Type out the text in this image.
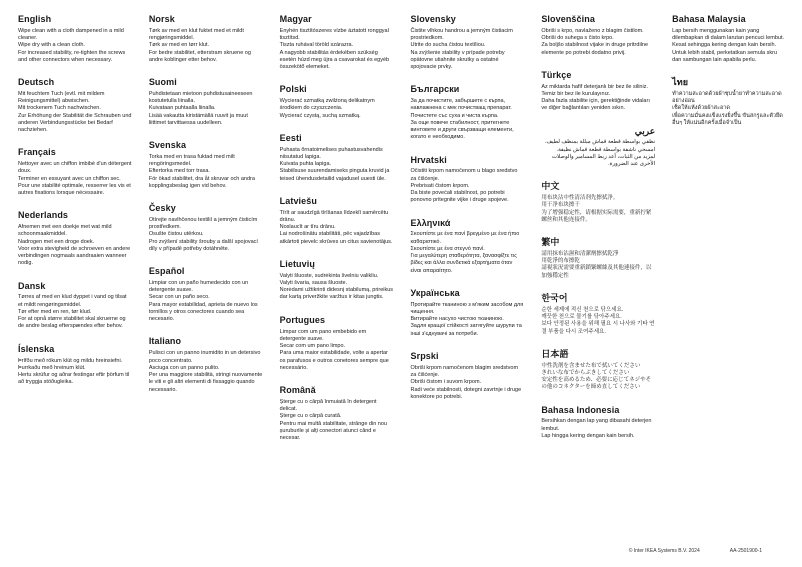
English

Wipe clean with a cloth dampened in a mild cleaner.

Wipe dry with a clean cloth.

For increased stability, re-tighten the screws and other connectors when necessary.

Deutsch

Mit feuchtem Tuch (evtl. mit mildem Reinigungsmittel) abwischen.

Mit trockenem Tuch nachwischen.

Zur Erhöhung der Stabilität die Schrauben und anderen Verbindungsstücke bei Bedarf nachziehen.

Français

Nettoyer avec un chiffon imbibé d'un détergent doux.

Terminer en essuyant avec un chiffon sec.

Pour une stabilité optimale, resserrer les vis et autres fixations lorsque nécessaire.

Nederlands

Afnemen met een doekje met wat mild schoonmaakmiddel.

Nadrogen met een droge doek.

Voor extra stevigheid de schroeven en andere verbindingen nogmaals aandraaien wanneer nodig.

Dansk

Tørres af med en klud dyppet i vand og tilsat et mildt rengøringsmiddel.

Tør efter med en ren, tør klud.

For at opnå større stabilitet skal skruerne og de andre beslag efterspændes efter behov.

Íslenska

Þrífðu með rökum klút og mildu hreinsiefni.

Þurrkaðu með hreinum klút.

Hertu skrúfur og aðrar festingar eftir þörfum til að tryggja stöðugleika.

Norsk

Tørk av med en klut fuktet med et mildt rengjøringsmiddel.

Tørk av med en tørr klut.

For bedre stabilitet, etterstram skruene og andre koblinger etter behov.

Suomi

Puhdistetaan mietoon puhdistusaineeseen kostutetulla liinalla.

Kuivataan puhtaalla liinalla.

Lisää vakautta kiristämällä ruuvit ja muut liittimet tarvittaessa uudelleen.

Svenska

Torka med en trasa fuktad med milt rengöringsmedel.

Eftertorka med torr trasa.

För ökad stabilitet, dra åt skruvar och andra kopplingsbeslag igen vid behov.

Česky

Otírejte navlhčenou textilií a jemným čisticím prostředkem.

Osušte čistou utěrkou.

Pro zvýšení stability šrouby a další spojovací díly v případě potřeby dotáhněte.

Español

Limpiar con un paño humedecido con un detergente suave.

Secar con un paño seco.

Para mayor estabilidad, aprieta de nuevo los tornillos y otros conectores cuando sea necesario.

Italiano

Pulisci con un panno inumidito in un detersivo poco concentrato.

Asciuga con un panno pulito.

Per una maggiore stabilità, stringi nuovamente le viti e gli altri elementi di fissaggio quando necessario.

Magyar

Enyhén tisztítószeres vízbe áztatott ronggyal tisztítsd.

Tiszta ruhával töröld szárazra.

A nagyobb stabilitás érdekében szükség esetén húzd meg újra a csavarokat és egyéb összekötő elemeket.

Polski

Wycierać szmatką zwilżoną delikatnym środkiem do czyszczenia.

Wycierać czystą, suchą szmatką.

Eesti

Puhasta õrnatoimelises puhastusvahendis niisutatud lapiga.

Kuivata puhta lapiga.

Stabiilsuse suurendamiseks pinguta kruvid ja teised ühendusdetailid vajadusel uuesti üle.

Latviešu

Tīrīt ar saudzīgā tīrīšanas līdzeklī samērcētu drānu.

Noslaucīt ar tīru drānu.

Lai nodrošinātu stabilitāti, pēc vajadzības atkārtoti pievelc skrūves un citus savienotājus.

Lietuvių

Valyti šluoste, sudrėkinta švelniu valikliu.

Valyti švaria, sausa šluoste.

Norėdami užtikrinti didesnį stabilumą, prireikus dar kartą priveržkite varžtus ir kitas jungtis.

Portugues

Limpar com um pano embebido em detergente suave.

Secar com um pano limpo.

Para uma maior estabilidade, volte a apertar os parafusos e outros conetores sempre que necessário.

Română

Șterge cu o cârpă înmuiată în detergent delicat.

Șterge cu o cârpă curată.

Pentru mai multă stabilitate, strânge din nou șuruburile și alți conectori atunci când e necesar.

Slovensky

Čistite vlhkou handrou a jemným čistiacim prostriedkom.

Utrite do sucha čistou textíliou.

Na zvýšenie stability v prípade potreby opätovne utiahnite skrutky a ostatné spojovacie prvky.

Български

За да почистите, забършете с кърпа, навлажнена с мек почистващ препарат.

Почистете със суха и чиста кърпа.

За още повече стабилност, притегнете винтовете и други свързващи елементи, когато е необходимо.

Hrvatski

Očistiti krpom namočenom u blago sredstvo za čišćenje.

Prebrisati čistom krpom.

Da biste povećali stabilnost, po potrebi ponovno pritegnite vijke i druge spojeve.

Ελληνικά

Σκουπίστε με ένα πανί βρεγμένο με ένα ήπιο καθαριστικό.

Σκουπίστε με ένα στεγνό πανί.

Για μεγαλύτερη σταθερότητα, ξανασφίξτε τις βίδες και άλλα συνδετικά εξαρτήματα όταν είναι απαραίτητο.

Українська

Протирайте тканиною з м'яким засобом для чищення.

Витирайте насухо чистою тканиною.

Задля кращої стійкості затягуйте шурупи та інші з'єднувачі за потреби.

Srpski

Obriši krpom namočenom blagim sredstvom za čišćenje.

Obriši čistom i suvom krpom.

Radi veće stabilnosti, dotegni zavrtnje i druge konektore po potrebi.

Slovenščina

Obriši s krpo, navlaženo z blagim čistilom.

Obriši do suhega s čisto krpo.

Za boljšo stabilnost vijake in druge pritrdilne elemente po potrebi dodatno privij.

Türkçe

Az miktarda hafif deterjanlı bir bez ile siliniz.

Temiz bir bez ile kurulayınız.

Daha fazla stabilite için, gerektiğinde vidaları ve diğer bağlantıları yeniden sıkın.

عربي

نظفي بواسطة قطعة قماش مبللة بمنظف لطيف.

امسحي ناشفة بواسطة قطعة قماش نظيفة.

لمزيد من الثبات، أعد ربط المسامير والوصلات الأخرى عند الضرورة.

中文

用布块沾中性清洁剂先擦拭净。

用干净布块擦干

为了增强稳定性，请根据实际需要，重新拧紧螺丝和其他连接件。

繁中

請用抹布沾濕和清潔劑擦拭乾淨

用乾淨的布擦乾

請視狀況需要重新鎖緊螺絲及其他連接件，以加強穩定性

한국어

순한 세제에 적신 천으로 닦으세요.

깨끗한 천으로 물기를 닦아주세요.

보다 안정된 사용을 위해 필요 시 나사와 기타 연결 부품을 다시 조여주세요.

日本語

中性洗剤を含ませた布で拭いてください

きれいな布でからぶきしてください

安定性を高めるため、必要に応じてネジやその他のコネクターを締め直してください

Bahasa Indonesia

Bersihkan dengan lap yang dibasahi deterjen lembut.

Lap hingga kering dengan kain bersih.

Bahasa Malaysia

Lap bersih menggunakan kain yang dilembapkan di dalam larutan pencuci lembut.

Kesat sehingga kering dengan kain bersih.

Untuk lebih stabil, perketatkan semula skru dan sambungan lain apabila perlu.

ไทย

ทำความสะอาดด้วยผ้าชุบน้ำยาทำความสะอาดอย่างอ่อน

เช็ดให้แห้งด้วยผ้าสะอาด

เพื่อความมั่นคงแข็งแรงยิ่งขึ้น ขันสกรูและตัวยึดอื่นๆ ให้แน่นอีกครั้งเมื่อจำเป็น

© Inter IKEA Systems B.V. 2024	AA-2501900-1
